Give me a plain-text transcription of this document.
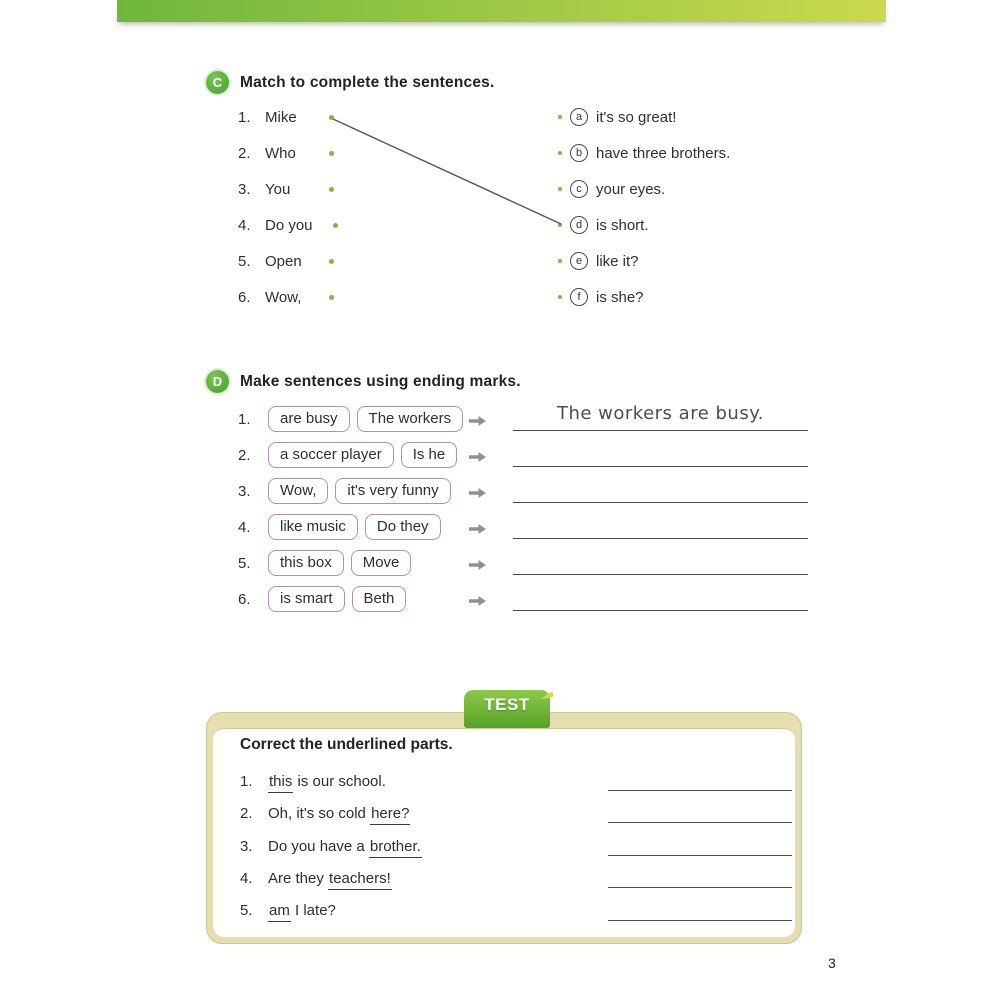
C	Match to complete the sentences.
1. Mike
2. Who
3. You
4. Do you
5. Open
6. Wow,
a it's so great!
b have three brothers.
c your eyes.
d is short.
e like it?
f	is she?
D	Make sentences using ending marks.
1.	are busy	The workers	The workers are busy.
2.	a soccer player	Is he
3.	Wow,	it's very funny
4.	like music	Do they
5.	this box	Move
6.	is smart	Beth
TEST
Correct the underlined parts.
1.	this is our school.
2.	Oh, it's so cold here?
3.	Do you have a brother.
4.	Are they teachers!
5.	am I late?
3
